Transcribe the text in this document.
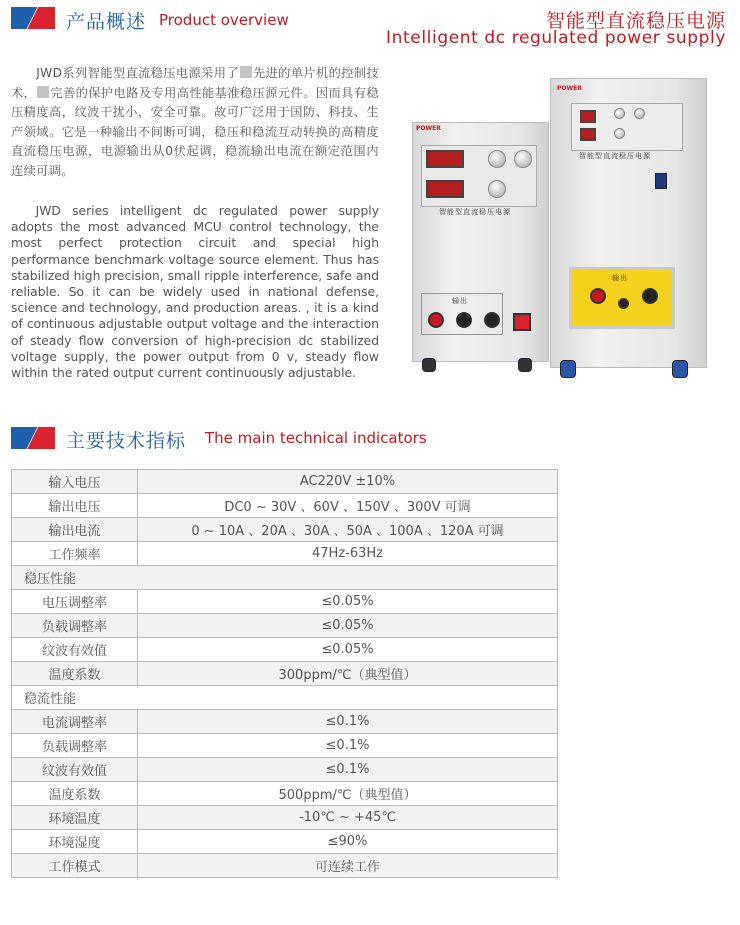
产品概述 Product overview	智能型直流稳压电源
Intelligent dc regulated power supply
  JWD系列智能型直流稳压电源采用了 先进的单片机的控制技术， 完善的保护电路及专用高性能基准稳压源元件。因而具有稳压精度高，纹波干扰小，安全可靠。故可广泛用于国防、科技、生产领域。它是一种输出不间断可调，稳压和稳流互动转换的高精度直流稳压电源，电源输出从0伏起调，稳流输出电流在额定范围内连续可调。
  JWD series intelligent dc regulated power supply adopts the most advanced MCU control technology, the most perfect protection circuit and special high performance benchmark voltage source element. Thus has stabilized high precision, small ripple interference, safe and reliable. So it can be widely used in national defense, science and technology, and production areas. , it is a kind of continuous adjustable output voltage and the interaction of steady flow conversion of high-precision dc stabilized voltage supply, the power output from 0 v, steady flow within the rated output current continuously adjustable.
POWER
智能型直流稳压电源
输出
POWER
智能型直流稳压电源
输出
主要技术指标 The main technical indicators
输入电压	AC220V ±10%
输出电压	DC0 ~ 30V 、60V 、150V 、300V 可调
输出电流	0 ~ 10A 、20A 、30A 、50A 、100A 、120A 可调
工作频率	47Hz-63Hz
稳压性能	
电压调整率	≤0.05%
负载调整率	≤0.05%
纹波有效值	≤0.05%
温度系数	300ppm/℃（典型值）
稳流性能	
电流调整率	≤0.1%
负载调整率	≤0.1%
纹波有效值	≤0.1%
温度系数	500ppm/℃（典型值）
环境温度	-10℃ ~ +45℃
环境湿度	≤90%
工作模式	可连续工作
